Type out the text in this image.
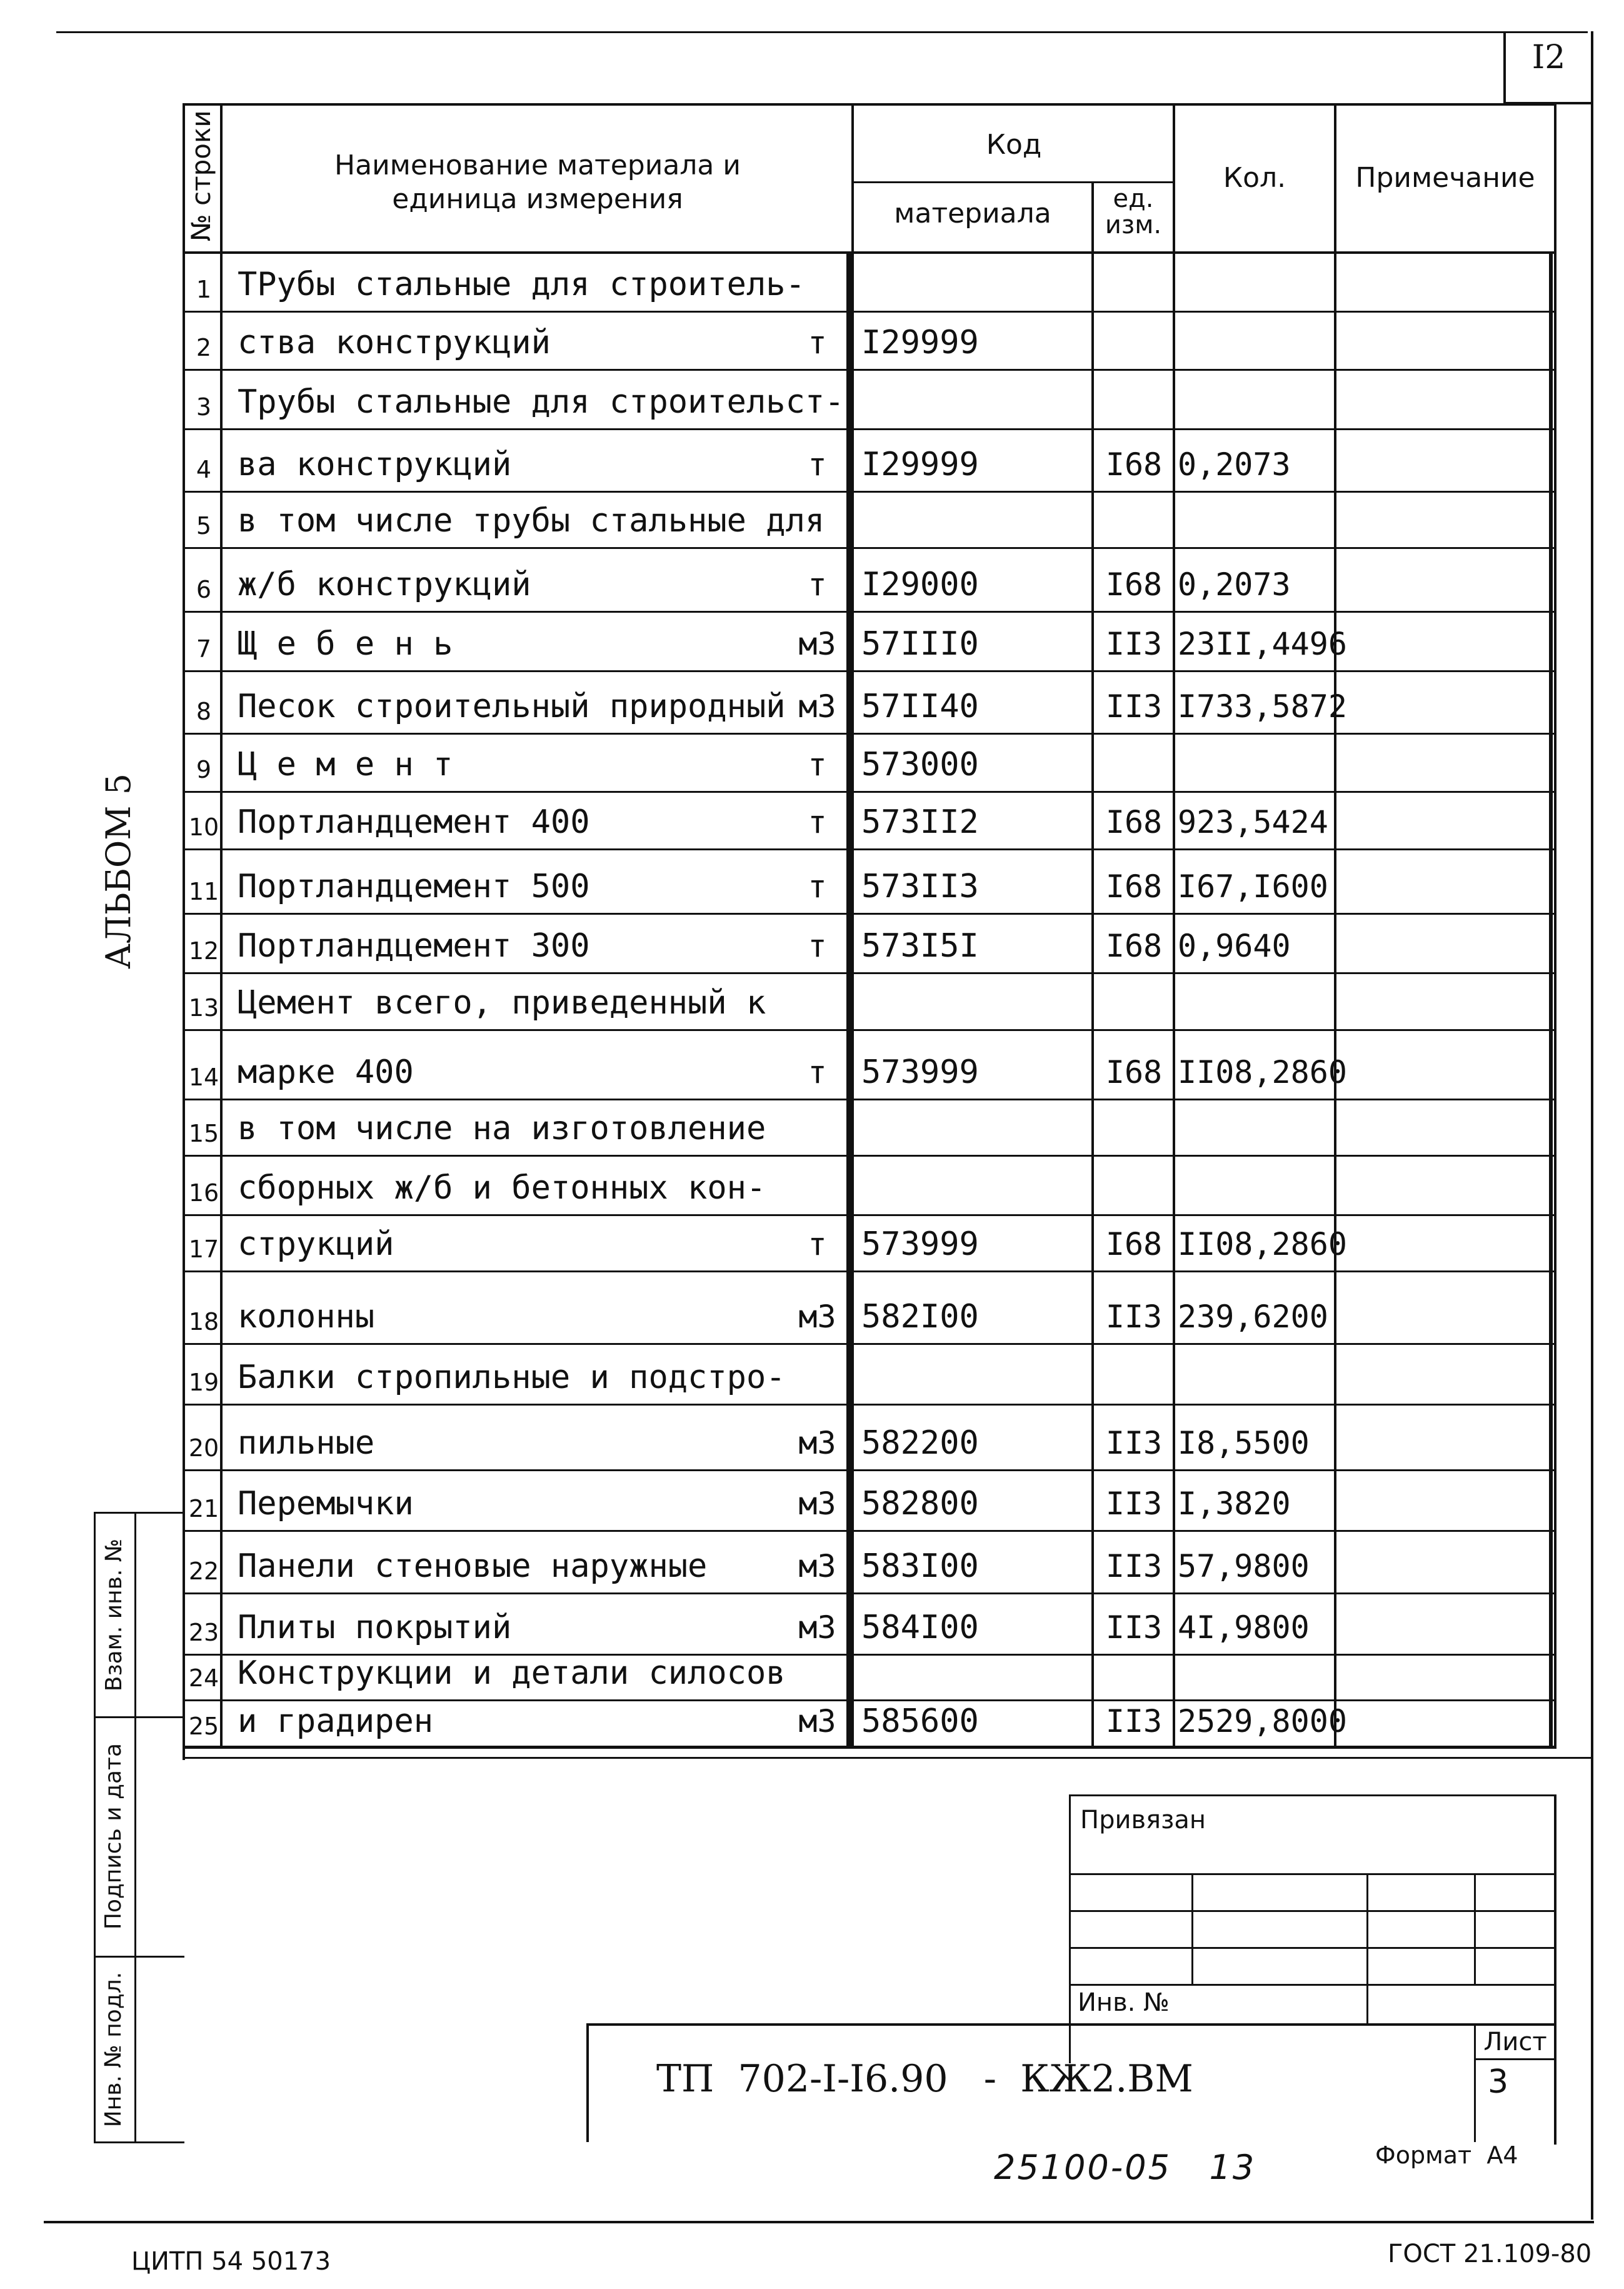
I2
АЛЬБОМ 5
№ строки	Наименование материала и
единица измерения
Код
материала	ед.
изм.
Кол.	Примечание
1 ТРубы стальные для строитель-
2 ства конструкций	т	I29999
3 Трубы стальные для строительст-
4 ва конструкций	т	I29999	I68 0,2073
5 в том числе трубы стальные для
6 ж/б конструкций	т	I29000	I68 0,2073
7 Щ е б е н ь	м3 57III0	II3 23II,4496
8 Песок строительный природный м3 57II40	II3 I733,5872
9 Ц е м е н т	т	573000
10 Портландцемент 400	т	573II2	I68 923,5424
11 Портландцемент 500	т	573II3	I68 I67,I600
12 Портландцемент 300	т	573I5I	I68 0,9640
13 Цемент всего, приведенный к
14 марке 400	т	573999	I68 II08,2860
15 в том числе на изготовление
16 сборных ж/б и бетонных кон-
17 струкций	т	573999	I68 II08,2860
18 колонны	м3 582I00	II3 239,6200
19 Балки стропильные и подстро-
20 пильные	м3 582200	II3 I8,5500
21 Перемычки	м3 582800	II3 I,3820
22 Панели стеновые наружные	м3 583I00	II3 57,9800
23 Плиты покрытий	м3 584I00	II3 4I,9800
24 Конструкции и детали силосов
25 и градирен	м3 585600	II3 2529,8000
Взам. инв. №
Подпись и дата
Инв. № подл.
Привязан
Инв. №
ТП  702-I-I6.90   -  КЖ2.ВМ
Лист
3
25100-05   13	Формат  А4
ЦИТП 54 50173	ГОСТ 21.109-80
